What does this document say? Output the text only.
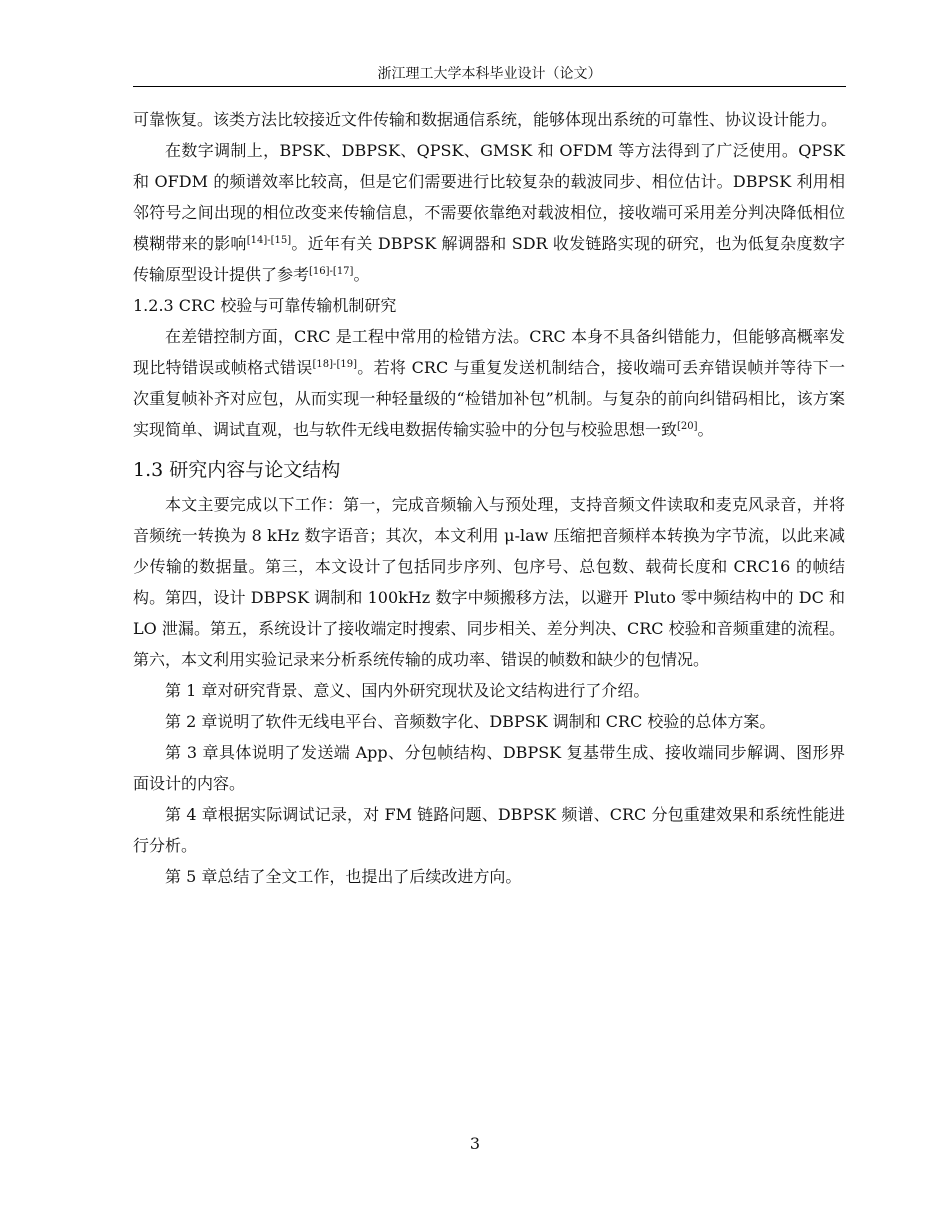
浙江理工大学本科毕业设计（论文）

可靠恢复。该类方法比较接近文件传输和数据通信系统，能够体现出系统的可靠性、协议设计能力。

在数字调制上，BPSK、DBPSK、QPSK、GMSK 和 OFDM 等方法得到了广泛使用。QPSK 和 OFDM 的频谱效率比较高，但是它们需要进行比较复杂的载波同步、相位估计。DBPSK 利用相邻符号之间出现的相位改变来传输信息，不需要依靠绝对载波相位，接收端可采用差分判决降低相位模糊带来的影响[14]-[15]。近年有关 DBPSK 解调器和 SDR 收发链路实现的研究，也为低复杂度数字传输原型设计提供了参考[16]-[17]。

1.2.3 CRC 校验与可靠传输机制研究

在差错控制方面，CRC 是工程中常用的检错方法。CRC 本身不具备纠错能力，但能够高概率发现比特错误或帧格式错误[18]-[19]。若将 CRC 与重复发送机制结合，接收端可丢弃错误帧并等待下一次重复帧补齐对应包，从而实现一种轻量级的“检错加补包”机制。与复杂的前向纠错码相比，该方案实现简单、调试直观，也与软件无线电数据传输实验中的分包与校验思想一致[20]。

1.3 研究内容与论文结构

本文主要完成以下工作：第一，完成音频输入与预处理，支持音频文件读取和麦克风录音，并将音频统一转换为 8 kHz 数字语音；其次，本文利用 μ-law 压缩把音频样本转换为字节流，以此来减少传输的数据量。第三，本文设计了包括同步序列、包序号、总包数、载荷长度和 CRC16 的帧结构。第四，设计 DBPSK 调制和 100kHz 数字中频搬移方法，以避开 Pluto 零中频结构中的 DC 和 LO 泄漏。第五，系统设计了接收端定时搜索、同步相关、差分判决、CRC 校验和音频重建的流程。第六，本文利用实验记录来分析系统传输的成功率、错误的帧数和缺少的包情况。

第 1 章对研究背景、意义、国内外研究现状及论文结构进行了介绍。

第 2 章说明了软件无线电平台、音频数字化、DBPSK 调制和 CRC 校验的总体方案。

第 3 章具体说明了发送端 App、分包帧结构、DBPSK 复基带生成、接收端同步解调、图形界面设计的内容。

第 4 章根据实际调试记录，对 FM 链路问题、DBPSK 频谱、CRC 分包重建效果和系统性能进行分析。

第 5 章总结了全文工作，也提出了后续改进方向。

3
